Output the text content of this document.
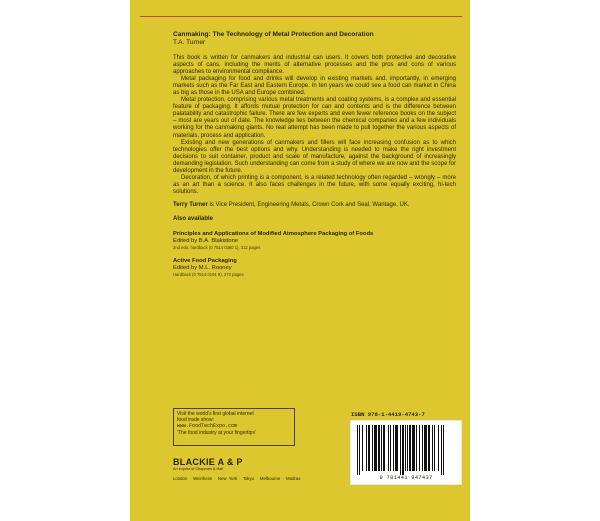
Canmaking: The Technology of Metal Protection and Decoration

T.A. Turner

This book is written for canmakers and industrial can users. It covers both protective and decorative aspects of cans, including the merits of alternative processes and the pros and cons of various approaches to environmental compliance.

Metal packaging for food and drinks will develop in existing markets and, importantly, in emerging markets such as the Far East and Eastern Europe. In ten years we could see a food can market in China as big as those in the USA and Europe combined.

Metal protection, comprising various metal treatments and coating systems, is a complex and essential feature of packaging. It affords mutual protection for can and contents and is the difference between palatability and catastrophic failure. There are few experts and even fewer reference books on the subject – most are years out of date. The knowledge lies between the chemical companies and a few individuals working for the canmaking giants. No real attempt has been made to pull together the various aspects of materials, process and application.

Existing and new generations of canmakers and fillers will face increasing confusion as to which technologies offer the best options and why. Understanding is needed to make the right investment decisions to suit container, product and scale of manufacture, against the background of increasingly demanding legislation. Such understanding can come from a study of where we are now and the scope for development in the future.

Decoration, of which printing is a component, is a related technology often regarded – wrongly – more as an art than a science. It also faces challenges in the future, with some equally exciting, hi-tech solutions.

Terry Turner is Vice President, Engineering Metals, Crown Cork and Seal, Wantage, UK.

Also available

Principles and Applications of Modified Atmosphere Packaging of Foods

Edited by B.A. Blakistone

2nd edn, hardback (0 7514 0360 1), 312 pages

Active Food Packaging

Edited by M.L. Rooney

Hardback (0 7514 0191 9), 272 pages

Visit the world's first global internet
food trade show:
www.FoodTechExpo.com
'The food industry at your fingertips'
ISBN 978-1-4419-4743-7
9 781441 947437
BLACKIE A & P
An imprint of Chapman & Hall
London · Weinheim · New York · Tokyo · Melbourne · Madras
